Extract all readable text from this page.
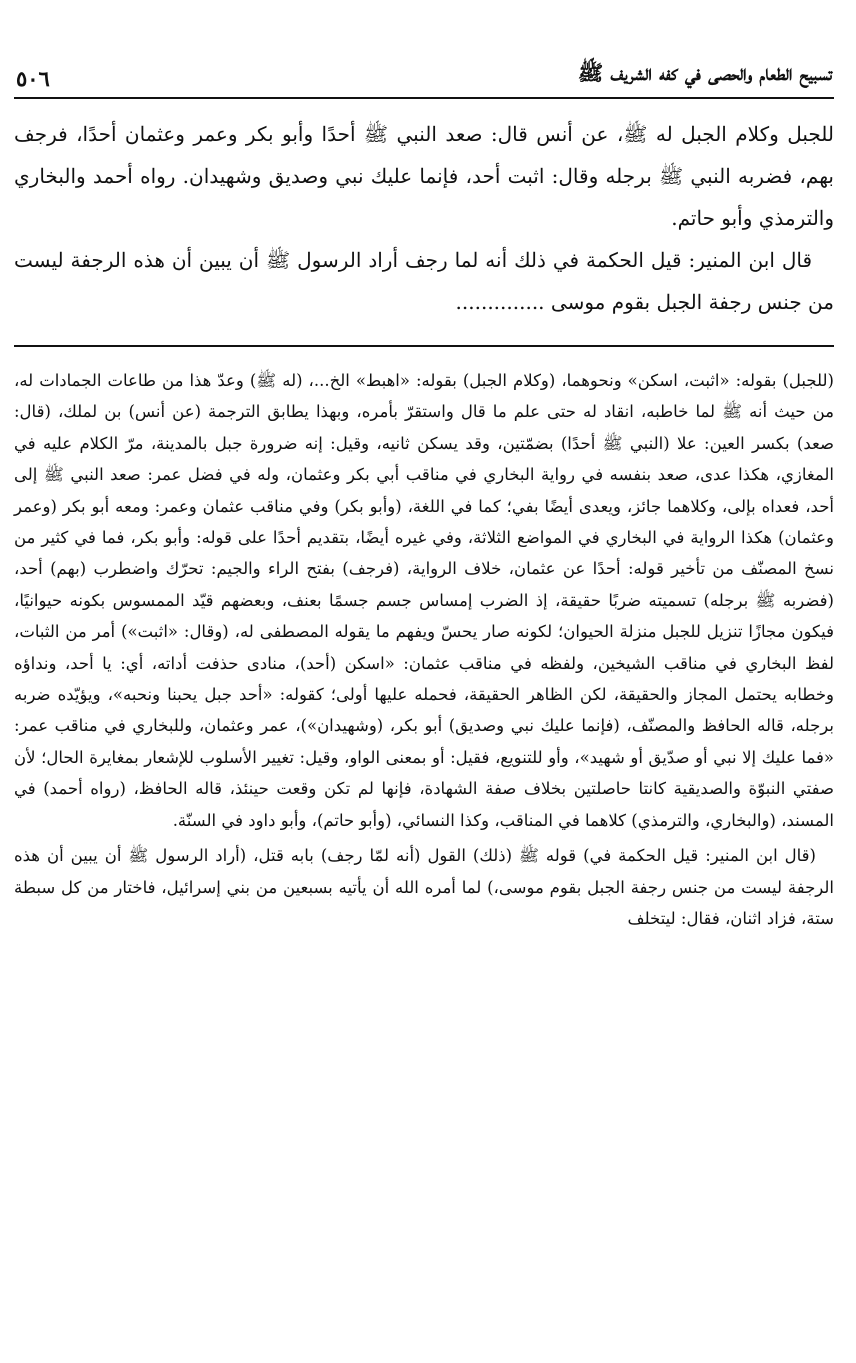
تسبيح الطعام والحصى في كفه الشريف ﷺ
٥٠٦

للجبل وكلام الجبل له ﷺ، عن أنس قال: صعد النبي ﷺ أحدًا وأبو بكر وعمر وعثمان أحدًا، فرجف بهم، فضربه النبي ﷺ برجله وقال: اثبت أحد، فإنما عليك نبي وصديق وشهيدان. رواه أحمد والبخاري والترمذي وأبو حاتم.

قال ابن المنير: قيل الحكمة في ذلك أنه لما رجف أراد الرسول ﷺ أن يبين أن هذه الرجفة ليست من جنس رجفة الجبل بقوم موسى ..............

(للجبل) بقوله: «اثبت، اسكن» ونحوهما، (وكلام الجبل) بقوله: «اهبط» الخ...، (له ﷺ) وعدّ هذا من طاعات الجمادات له، من حيث أنه ﷺ لما خاطبه، انقاد له حتى علم ما قال واستقرّ بأمره، وبهذا يطابق الترجمة (عن أنس) بن لملك، (قال: صعد) بكسر العين: علا (النبي ﷺ أحدًا) بضمّتين، وقد يسكن ثانيه، وقيل: إنه ضرورة جبل بالمدينة، مرّ الكلام عليه في المغازي، هكذا عدى، صعد بنفسه في رواية البخاري في مناقب أبي بكر وعثمان، وله في فضل عمر: صعد النبي ﷺ إلى أحد، فعداه بإلى، وكلاهما جائز، ويعدى أيضًا بفي؛ كما في اللغة، (وأبو بكر) وفي مناقب عثمان وعمر: ومعه أبو بكر (وعمر وعثمان) هكذا الرواية في البخاري في المواضع الثلاثة، وفي غيره أيضًا، بتقديم أحدًا على قوله: وأبو بكر، فما في كثير من نسخ المصنّف من تأخير قوله: أحدًا عن عثمان، خلاف الرواية، (فرجف) بفتح الراء والجيم: تحرّك واضطرب (بهم) أحد، (فضربه ﷺ برجله) تسميته ضربًا حقيقة، إذ الضرب إمساس جسم جسمًا بعنف، وبعضهم قيّد الممسوس بكونه حيوانيًا، فيكون مجازًا تنزيل للجبل منزلة الحيوان؛ لكونه صار يحسّ ويفهم ما يقوله المصطفى له، (وقال: «اثبت») أمر من الثبات، لفظ البخاري في مناقب الشيخين، ولفظه في مناقب عثمان: «اسكن (أحد)، منادى حذفت أداته، أي: يا أحد، ونداؤه وخطابه يحتمل المجاز والحقيقة، لكن الظاهر الحقيقة، فحمله عليها أولى؛ كقوله: «أحد جبل يحبنا ونحبه»، ويؤيّده ضربه برجله، قاله الحافظ والمصنّف، (فإنما عليك نبي وصديق) أبو بكر، (وشهيدان»)، عمر وعثمان، وللبخاري في مناقب عمر: «فما عليك إلا نبي أو صدّيق أو شهيد»، وأو للتنويع، فقيل: أو بمعنى الواو، وقيل: تغيير الأسلوب للإشعار بمغايرة الحال؛ لأن صفتي النبوّة والصديقية كانتا حاصلتين بخلاف صفة الشهادة، فإنها لم تكن وقعت حينئذ، قاله الحافظ، (رواه أحمد) في المسند، (والبخاري، والترمذي) كلاهما في المناقب، وكذا النسائي، (وأبو حاتم)، وأبو داود في السنّة.

(قال ابن المنير: قيل الحكمة في) قوله ﷺ (ذلك) القول (أنه لمّا رجف) بابه قتل، (أراد الرسول ﷺ أن يبين أن هذه الرجفة ليست من جنس رجفة الجبل بقوم موسى،) لما أمره الله أن يأتيه بسبعين من بني إسرائيل، فاختار من كل سبطة ستة، فزاد اثنان، فقال: ليتخلف
